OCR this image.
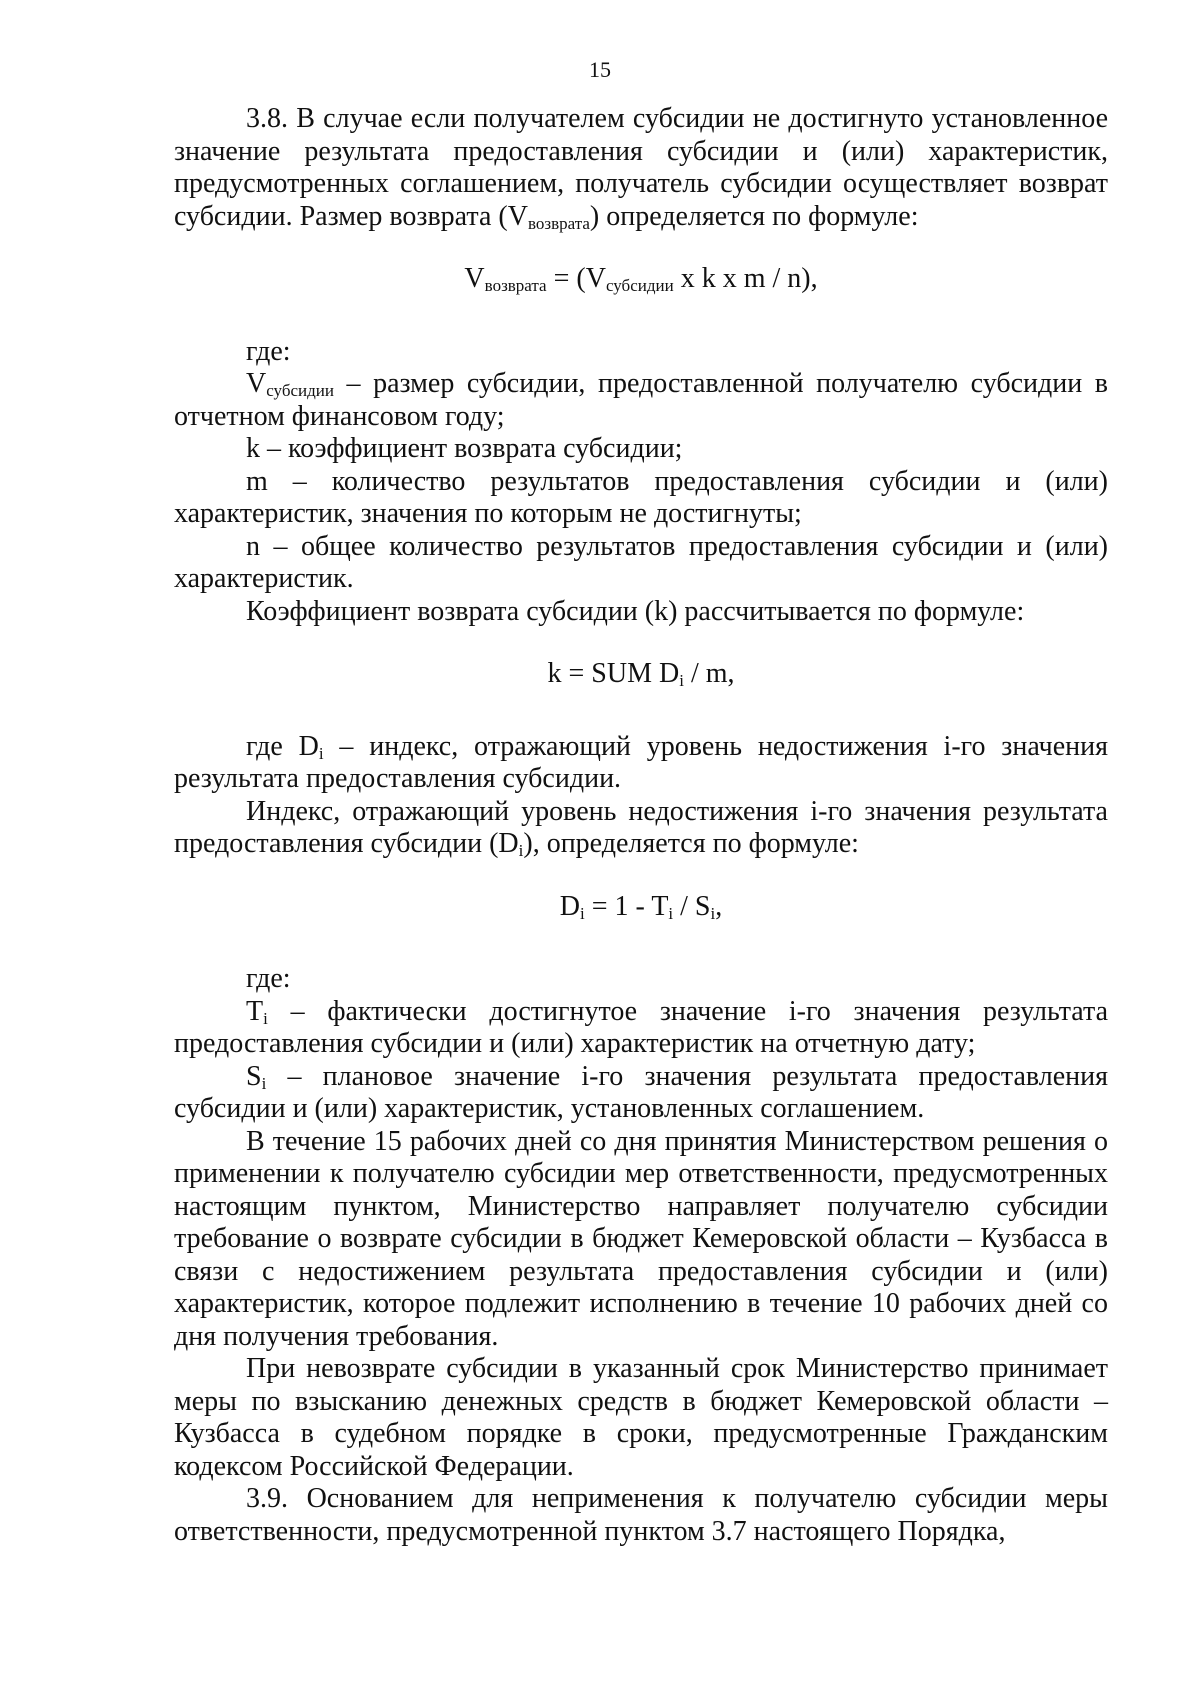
15

3.8. В случае если получателем субсидии не достигнуто установленное значение результата предоставления субсидии и (или) характеристик, предусмотренных соглашением, получатель субсидии осуществляет возврат субсидии. Размер возврата $(V_{возврата})$ определяется по формуле:

$V_{возврата} = (V_{субсидии}$ x k x m / n),

где:

$V_{субсидии}$ – размер субсидии, предоставленной получателю субсидии в отчетном финансовом году;

k – коэффициент возврата субсидии;

m – количество результатов предоставления субсидии и (или) характеристик, значения по которым не достигнуты;

n – общее количество результатов предоставления субсидии и (или) характеристик.

Коэффициент возврата субсидии (k) рассчитывается по формуле:

k = SUM $D_i$ / m,

где $D_i$ – индекс, отражающий уровень недостижения i-го значения результата предоставления субсидии.

Индекс, отражающий уровень недостижения i-го значения результата предоставления субсидии $(D_i)$, определяется по формуле:

$D_i = 1 - T_i / S_i$,

где:

$T_i$ – фактически достигнутое значение i-го значения результата предоставления субсидии и (или) характеристик на отчетную дату;

$S_i$ – плановое значение i-го значения результата предоставления субсидии и (или) характеристик, установленных соглашением.

В течение 15 рабочих дней со дня принятия Министерством решения о применении к получателю субсидии мер ответственности, предусмотренных настоящим пунктом, Министерство направляет получателю субсидии требование о возврате субсидии в бюджет Кемеровской области – Кузбасса в связи с недостижением результата предоставления субсидии и (или) характеристик, которое подлежит исполнению в течение 10 рабочих дней со дня получения требования.

При невозврате субсидии в указанный срок Министерство принимает меры по взысканию денежных средств в бюджет Кемеровской области – Кузбасса в судебном порядке в сроки, предусмотренные Гражданским кодексом Российской Федерации.

3.9. Основанием для неприменения к получателю субсидии меры ответственности, предусмотренной пунктом 3.7 настоящего Порядка,
